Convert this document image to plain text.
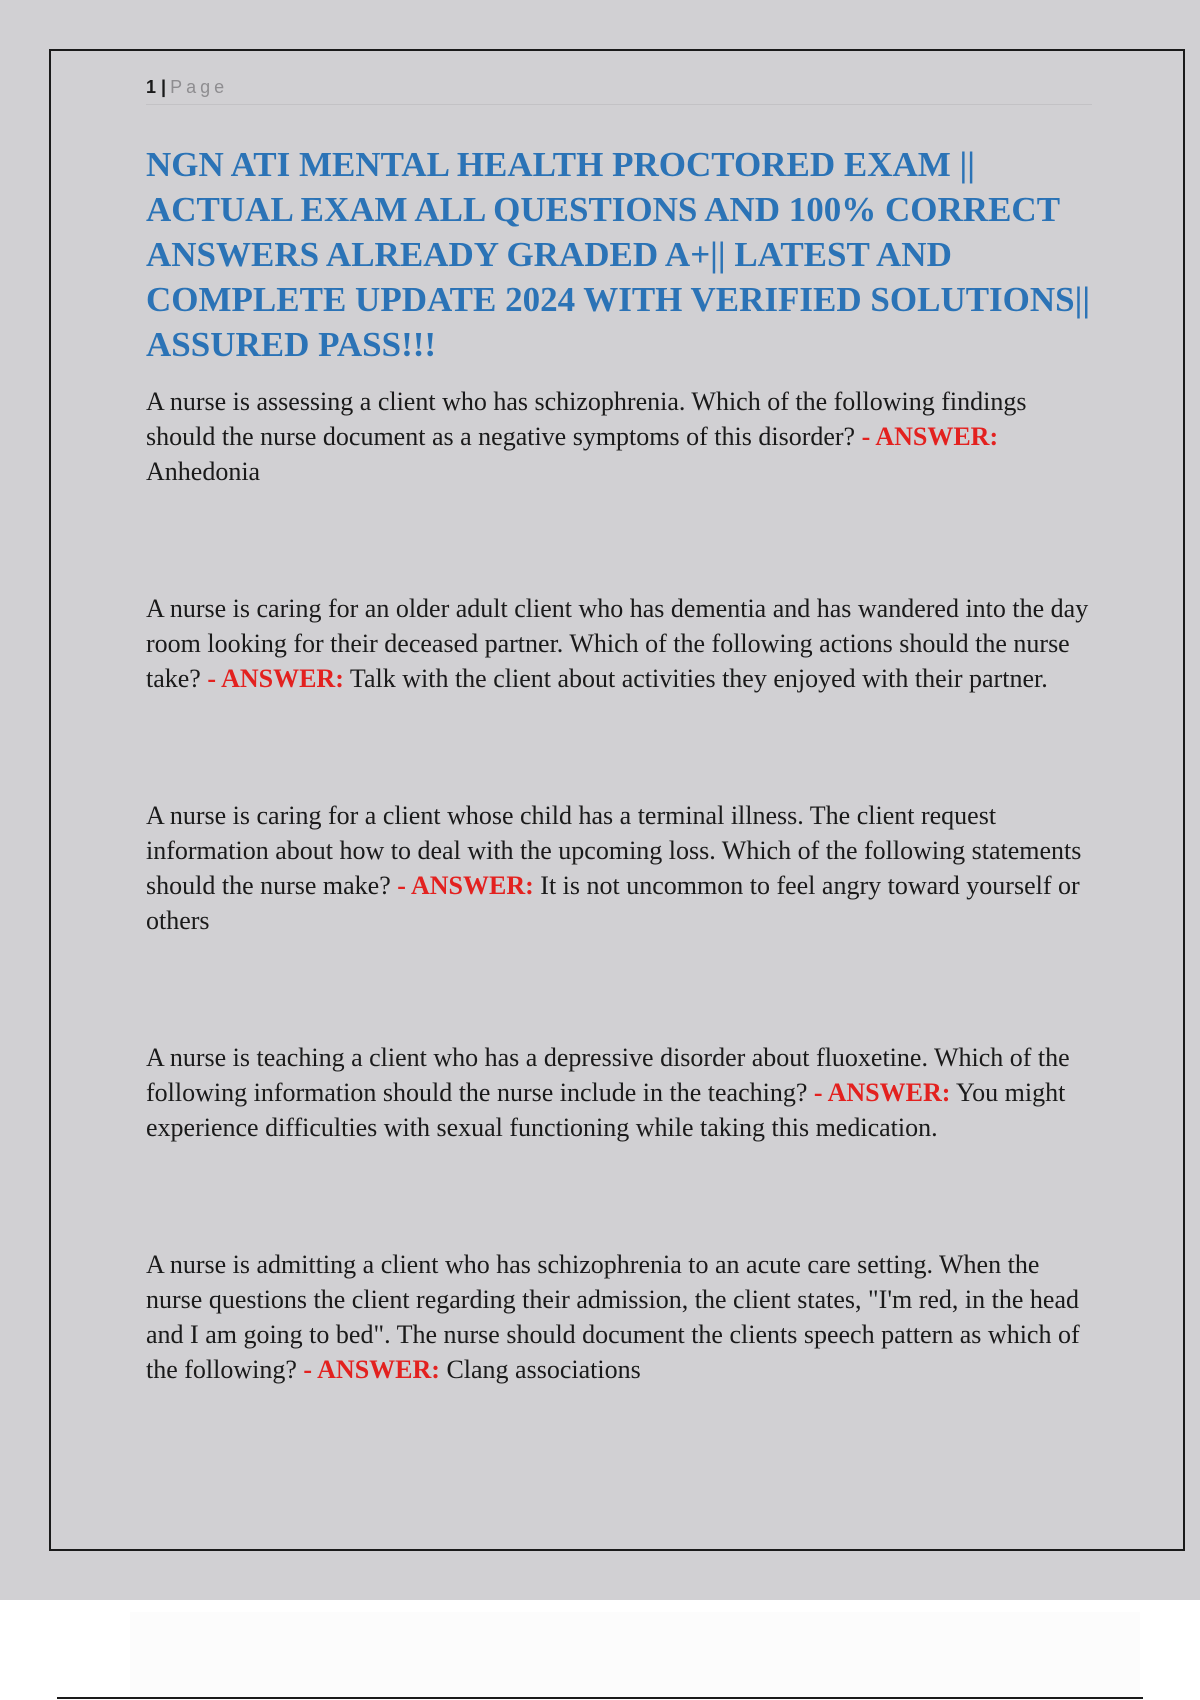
1 | Page
NGN ATI MENTAL HEALTH PROCTORED EXAM || ACTUAL EXAM ALL QUESTIONS AND 100% CORRECT ANSWERS ALREADY GRADED A+|| LATEST AND COMPLETE UPDATE 2024 WITH VERIFIED SOLUTIONS|| ASSURED PASS!!!
A nurse is assessing a client who has schizophrenia. Which of the following findings should the nurse document as a negative symptoms of this disorder? - ANSWER: Anhedonia
A nurse is caring for an older adult client who has dementia and has wandered into the day room looking for their deceased partner. Which of the following actions should the nurse take? - ANSWER: Talk with the client about activities they enjoyed with their partner.
A nurse is caring for a client whose child has a terminal illness. The client request information about how to deal with the upcoming loss. Which of the following statements should the nurse make? - ANSWER: It is not uncommon to feel angry toward yourself or others
A nurse is teaching a client who has a depressive disorder about fluoxetine. Which of the following information should the nurse include in the teaching? - ANSWER: You might experience difficulties with sexual functioning while taking this medication.
A nurse is admitting a client who has schizophrenia to an acute care setting. When the nurse questions the client regarding their admission, the client states, "I'm red, in the head and I am going to bed". The nurse should document the clients speech pattern as which of the following? - ANSWER: Clang associations
